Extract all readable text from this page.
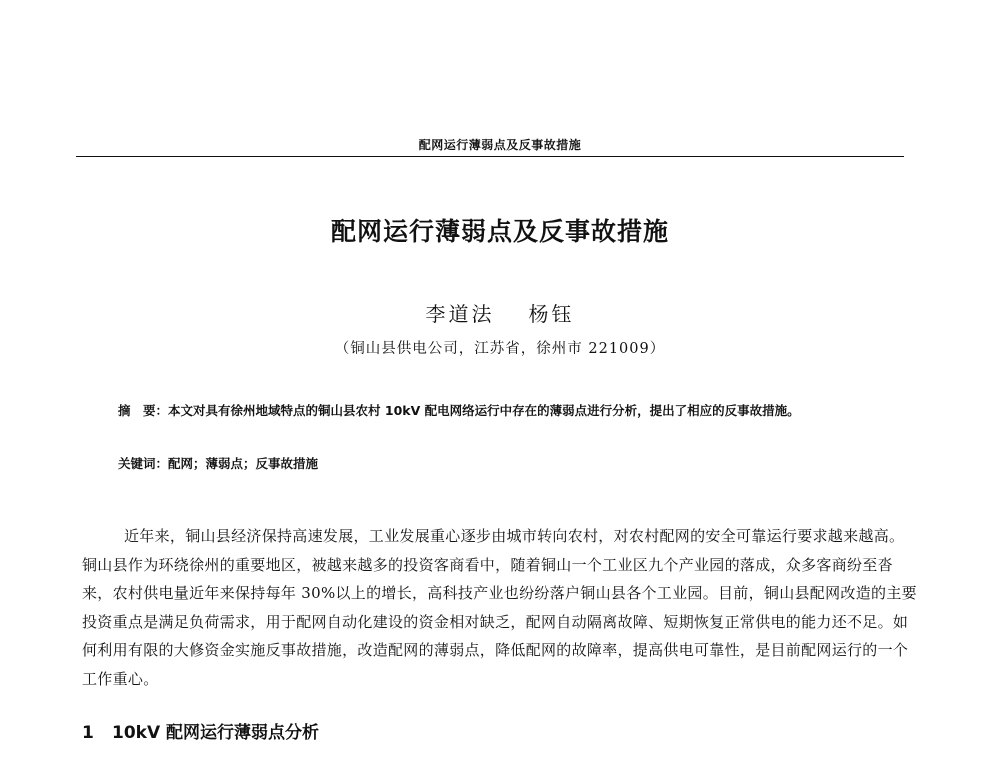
配网运行薄弱点及反事故措施
配网运行薄弱点及反事故措施
李道法 杨钰
（铜山县供电公司，江苏省，徐州市 221009）
摘　要：本文对具有徐州地域特点的铜山县农村 10kV 配电网络运行中存在的薄弱点进行分析，提出了相应的反事故措施。
关键词：配网；薄弱点；反事故措施
近年来，铜山县经济保持高速发展，工业发展重心逐步由城市转向农村，对农村配网的安全可靠运行要求越来越高。铜山县作为环绕徐州的重要地区，被越来越多的投资客商看中，随着铜山一个工业区九个产业园的落成，众多客商纷至沓来，农村供电量近年来保持每年 30%以上的增长，高科技产业也纷纷落户铜山县各个工业园。目前，铜山县配网改造的主要投资重点是满足负荷需求，用于配网自动化建设的资金相对缺乏，配网自动隔离故障、短期恢复正常供电的能力还不足。如何利用有限的大修资金实施反事故措施，改造配网的薄弱点，降低配网的故障率，提高供电可靠性，是目前配网运行的一个工作重心。
1 10kV 配网运行薄弱点分析
